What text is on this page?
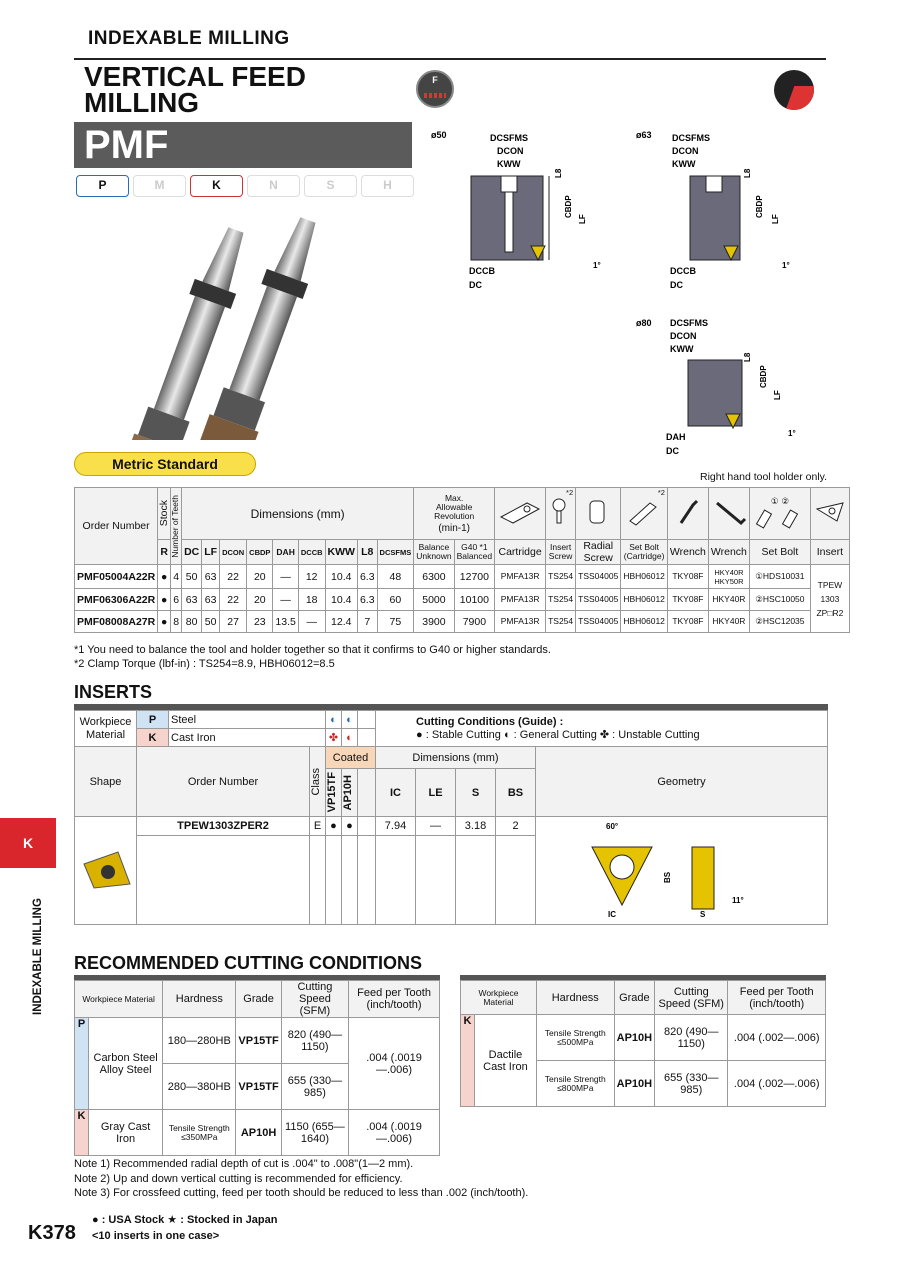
INDEXABLE MILLING
VERTICAL FEED MILLING
F
PMF
P	M	K	N	S	H
ø50	DCSFMS
DCON
KWW
L8
CBDP
LF
1°
DCCB
DC
ø63 DCSFMS
DCON
KWW
L8
CBDP
LF
1°
DCCB
DC
ø80 DCSFMS
DCON
KWW
L8
CBDP
LF
1°
DAH
DC
Metric Standard
Right hand tool holder only.
Order Number	Stock	Number of Teeth	Dimensions (mm)									Max.
Allowable Revolution
(min-1)			*2		*2			① ②	
	R		DC	LF	DCON	CBDP	DAH	DCCB	KWW	L8	DCSFMS	Balance Unknown	G40 *1 Balanced	Cartridge	Insert Screw	Radial Screw	Set Bolt (Cartridge)	Wrench	Wrench	Set Bolt	Insert
PMF05004A22R	●	4	50	63	22	20	—	12	10.4	6.3	48	6300	12700	PMFA13R	TS254	TSS04005	HBH06012	TKY08F	HKY40R HKY50R	①HDS10031	TPEW 1303 ZP□R2
PMF06306A22R	●	6	63	63	22	20	—	18	10.4	6.3	60	5000	10100	PMFA13R	TS254	TSS04005	HBH06012	TKY08F	HKY40R	②HSC10050	
PMF08008A27R	●	8	80	50	27	23	13.5	—	12.4	7	75	3900	7900	PMFA13R	TS254	TSS04005	HBH06012	TKY08F	HKY40R	②HSC12035	
*1 You need to balance the tool and holder together so that it confirms to G40 or higher standards.
*2 Clamp Torque (lbf-in) : TS254=8.9, HBH06012=8.5
INSERTS
Workpiece Material	P	Steel		◐	◐		Cutting Conditions (Guide) :
● : Stable Cutting ◐ : General Cutting ✤ : Unstable Cutting				

	K	Cast Iron		✤	◐						
Shape	Order Number		Class	Coated			Dimensions (mm)				Geometry

				VP15TF	AP10H		IC	LE	S	BS	
	TPEW1303ZPER2		E	●	●		7.94	—	3.18	2	60°
BS
IC S
11°

RECOMMENDED CUTTING CONDITIONS
Workpiece Material		Hardness	Grade	Cutting Speed (SFM)	Feed per Tooth (inch/tooth)
P	Carbon Steel Alloy Steel	180—280HB	VP15TF	820 (490—1150)	.004 (.0019—.006)
		280—380HB	VP15TF	655 (330—985)	
K	Gray Cast Iron	Tensile Strength ≤350MPa	AP10H	1150 (655—1640)	.004 (.0019—.006)
Workpiece Material		Hardness	Grade	Cutting Speed (SFM)	Feed per Tooth (inch/tooth)
K	Dactile Cast Iron	Tensile Strength ≤500MPa	AP10H	820 (490—1150)	.004 (.002—.006)
		Tensile Strength ≤800MPa	AP10H	655 (330—985)	.004 (.002—.006)
Note 1) Recommended radial depth of cut is .004" to .008"(1—2 mm).
Note 2) Up and down vertical cutting is recommended for efficiency.
Note 3) For crossfeed cutting, feed per tooth should be reduced to less than .002 (inch/tooth).
● : USA Stock ★ : Stocked in Japan
<10 inserts in one case>
K378
K
INDEXABLE MILLING
